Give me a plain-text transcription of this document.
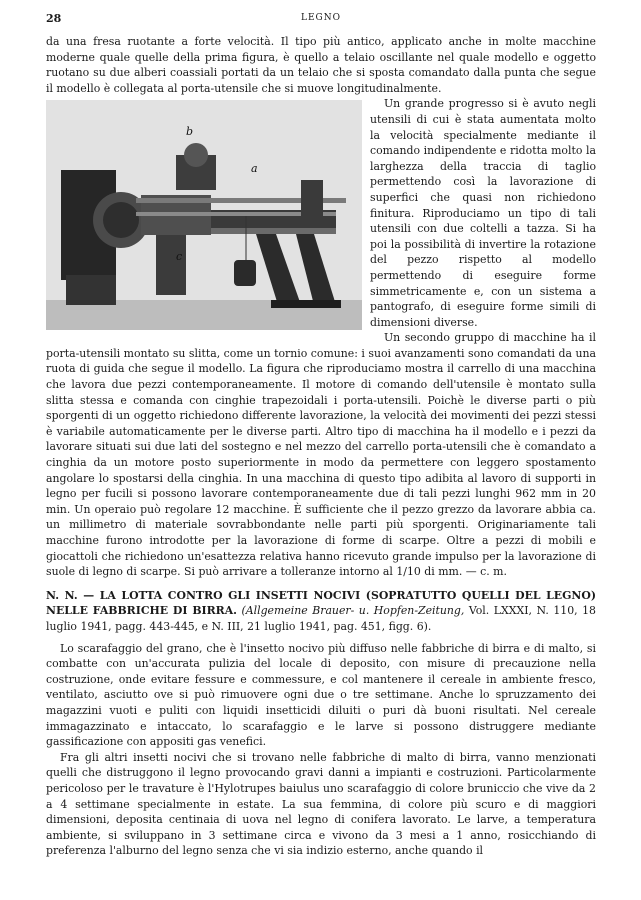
28	LEGNO

da una fresa ruotante a forte velocità. Il tipo più antico, applicato anche in molte macchine moderne quale quelle della prima figura, è quello a telaio oscillante nel quale modello e oggetto ruotano su due alberi coassiali portati da un telaio che si sposta comandato dalla punta che segue il modello è collegata al porta-utensile che si muove longitudinalmente.

b
a
c
Un grande progresso si è avuto negli utensili di cui è stata aumentata molto la velocità specialmente mediante il comando indipendente e ridotta molto la larghezza della traccia di taglio permettendo così la lavorazione di superfici che quasi non richiedono finitura. Riproduciamo un tipo di tali utensili con due coltelli a tazza. Si ha poi la possibilità di invertire la rotazione del pezzo rispetto al modello permettendo di eseguire forme simmetricamente e, con un sistema a pantografo, di eseguire forme simili di dimensioni diverse.

Un secondo gruppo di macchine ha il porta-utensili montato su slitta, come un tornio comune: i suoi avanzamenti sono comandati da una ruota di guida che segue il modello. La figura che riproduciamo mostra il carrello di una macchina che lavora due pezzi contemporaneamente. Il motore di comando dell'utensile è montato sulla slitta stessa e comanda con cinghie trapezoidali i porta-utensili. Poichè le diverse parti o più sporgenti di un oggetto richiedono differente lavorazione, la velocità dei movimenti dei pezzi stessi è variabile automaticamente per le diverse parti. Altro tipo di macchina ha il modello e i pezzi da lavorare situati sui due lati del sostegno e nel mezzo del carrello porta-utensili che è comandato a cinghia da un motore posto superiormente in modo da permettere con leggero spostamento angolare lo spostarsi della cinghia. In una macchina di questo tipo adibita al lavoro di supporti in legno per fucili si possono lavorare contemporaneamente due di tali pezzi lunghi 962 mm in 20 min. Un operaio può regolare 12 macchine. È sufficiente che il pezzo grezzo da lavorare abbia ca. un millimetro di materiale sovrabbondante nelle parti più sporgenti. Originariamente tali macchine furono introdotte per la lavorazione di forme di scarpe. Oltre a pezzi di mobili e giocattoli che richiedono un'esattezza relativa hanno ricevuto grande impulso per la lavorazione di suole di legno di scarpe. Si può arrivare a tolleranze intorno al 1/10 di mm. — c. m.

N. N. — LA LOTTA CONTRO GLI INSETTI NOCIVI (SOPRATUTTO QUELLI DEL LEGNO) NELLE FABBRICHE DI BIRRA. (Allgemeine Brauer- u. Hopfen-Zeitung, Vol. LXXXI, N. 110, 18 luglio 1941, pagg. 443-445, e N. III, 21 luglio 1941, pag. 451, figg. 6).

Lo scarafaggio del grano, che è l'insetto nocivo più diffuso nelle fabbriche di birra e di malto, si combatte con un'accurata pulizia del locale di deposito, con misure di precauzione nella costruzione, onde evitare fessure e commessure, e col mantenere il cereale in ambiente fresco, ventilato, asciutto ove si può rimuovere ogni due o tre settimane. Anche lo spruzzamento dei magazzini vuoti e puliti con liquidi insetticidi diluiti o puri dà buoni risultati. Nel cereale immagazzinato e intaccato, lo scarafaggio e le larve si possono distruggere mediante gassificazione con appositi gas venefici.

Fra gli altri insetti nocivi che si trovano nelle fabbriche di malto di birra, vanno menzionati quelli che distruggono il legno provocando gravi danni a impianti e costruzioni. Particolarmente pericoloso per le travature è l'Hylotrupes baiulus uno scarafaggio di colore bruniccio che vive da 2 a 4 settimane specialmente in estate. La sua femmina, di colore più scuro e di maggiori dimensioni, deposita centinaia di uova nel legno di conifera lavorato. Le larve, a temperatura ambiente, si sviluppano in 3 settimane circa e vivono da 3 mesi a 1 anno, rosicchiando di preferenza l'alburno del legno senza che vi sia indizio esterno, anche quando il
